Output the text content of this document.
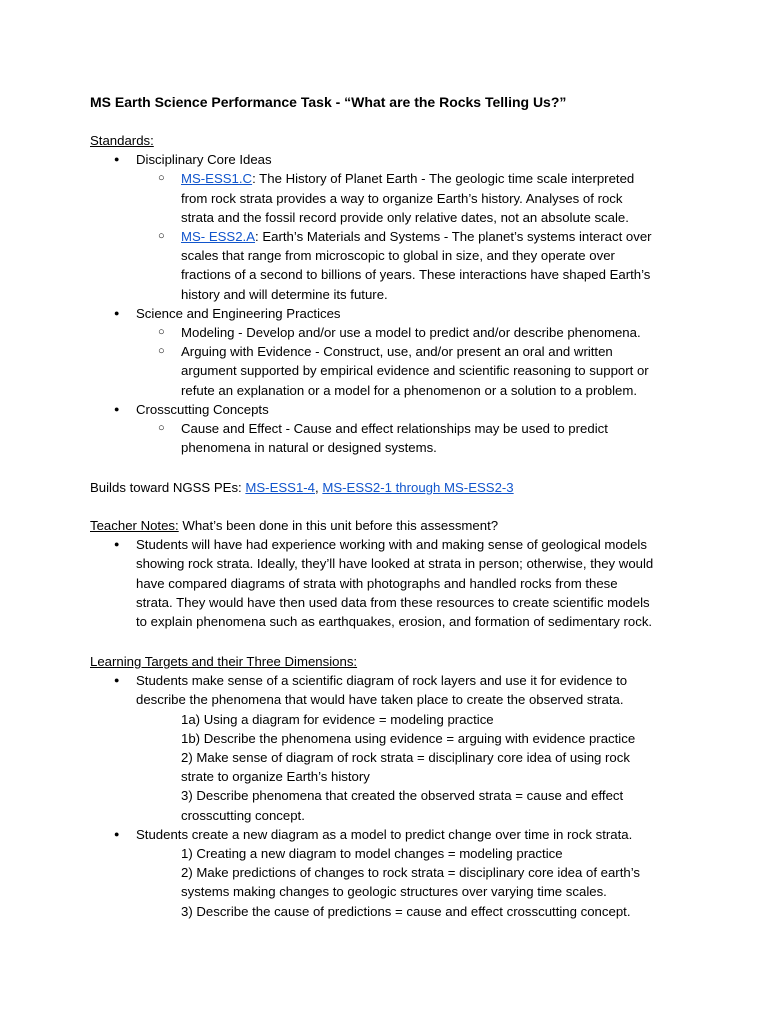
MS Earth Science Performance Task - “What are the Rocks Telling Us?”
Standards:
● Disciplinary Core Ideas
○ MS-ESS1.C: The History of Planet Earth - The geologic time scale interpreted
from rock strata provides a way to organize Earth’s history. Analyses of rock
strata and the fossil record provide only relative dates, not an absolute scale.
○ MS- ESS2.A: Earth’s Materials and Systems - The planet’s systems interact over
scales that range from microscopic to global in size, and they operate over
fractions of a second to billions of years. These interactions have shaped Earth’s
history and will determine its future.
● Science and Engineering Practices
○ Modeling - Develop and/or use a model to predict and/or describe phenomena.
○ Arguing with Evidence - Construct, use, and/or present an oral and written
argument supported by empirical evidence and scientific reasoning to support or
refute an explanation or a model for a phenomenon or a solution to a problem.
● Crosscutting Concepts
○ Cause and Effect - Cause and effect relationships may be used to predict
phenomena in natural or designed systems.
Builds toward NGSS PEs: MS-ESS1-4, MS-ESS2-1 through MS-ESS2-3
Teacher Notes: What’s been done in this unit before this assessment?
● Students will have had experience working with and making sense of geological models
showing rock strata. Ideally, they’ll have looked at strata in person; otherwise, they would
have compared diagrams of strata with photographs and handled rocks from these
strata. They would have then used data from these resources to create scientific models
to explain phenomena such as earthquakes, erosion, and formation of sedimentary rock.
Learning Targets and their Three Dimensions:
● Students make sense of a scientific diagram of rock layers and use it for evidence to
describe the phenomena that would have taken place to create the observed strata.
1a) Using a diagram for evidence = modeling practice
1b) Describe the phenomena using evidence = arguing with evidence practice
2) Make sense of diagram of rock strata = disciplinary core idea of using rock
strate to organize Earth’s history
3) Describe phenomena that created the observed strata = cause and effect
crosscutting concept.
● Students create a new diagram as a model to predict change over time in rock strata.
1) Creating a new diagram to model changes = modeling practice
2) Make predictions of changes to rock strata = disciplinary core idea of earth’s
systems making changes to geologic structures over varying time scales.
3) Describe the cause of predictions = cause and effect crosscutting concept.
